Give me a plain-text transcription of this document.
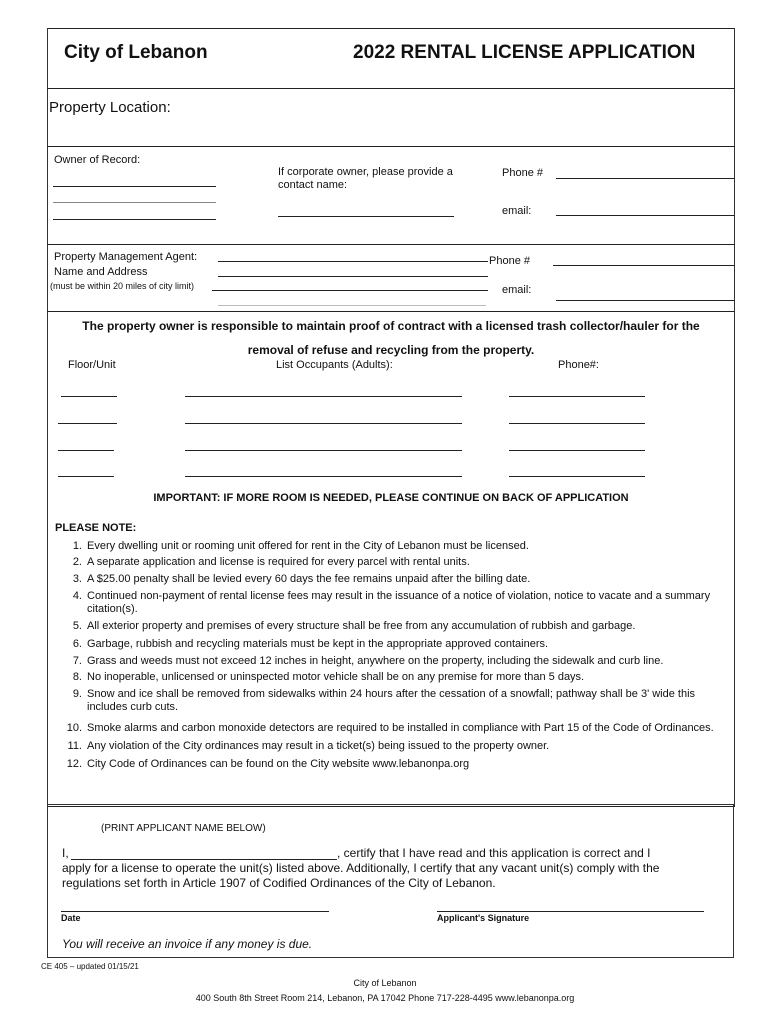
City of Lebanon	2022 RENTAL LICENSE APPLICATION
Property Location:
Owner of Record:
If corporate owner, please provide a contact name:
Phone #
email:
Property Management Agent:
Name and Address
(must be within 20 miles of city limit)
Phone #
email:
The property owner is responsible to maintain proof of contract with a licensed trash collector/hauler for the
removal of refuse and recycling from the property.
Floor/Unit	List Occupants (Adults):	Phone#:
IMPORTANT: IF MORE ROOM IS NEEDED, PLEASE CONTINUE ON BACK OF APPLICATION
PLEASE NOTE:
1. Every dwelling unit or rooming unit offered for rent in the City of Lebanon must be licensed.
2. A separate application and license is required for every parcel with rental units.
3. A $25.00 penalty shall be levied every 60 days the fee remains unpaid after the billing date.
4. Continued non-payment of rental license fees may result in the issuance of a notice of violation, notice to vacate and a summary citation(s).
5. All exterior property and premises of every structure shall be free from any accumulation of rubbish and garbage.
6. Garbage, rubbish and recycling materials must be kept in the appropriate approved containers.
7. Grass and weeds must not exceed 12 inches in height, anywhere on the property, including the sidewalk and curb line.
8. No inoperable, unlicensed or uninspected motor vehicle shall be on any premise for more than 5 days.
9. Snow and ice shall be removed from sidewalks within 24 hours after the cessation of a snowfall; pathway shall be 3' wide this includes curb cuts.
10. Smoke alarms and carbon monoxide detectors are required to be installed in compliance with Part 15 of the Code of Ordinances.
11. Any violation of the City ordinances may result in a ticket(s) being issued to the property owner.
12. City Code of Ordinances can be found on the City website www.lebanonpa.org
(PRINT APPLICANT NAME BELOW)
I,	, certify that I have read and this application is correct and I
apply for a license to operate the unit(s) listed above. Additionally, I certify that any vacant unit(s) comply with the
regulations set forth in Article 1907 of Codified Ordinances of the City of Lebanon.
Date	Applicant's Signature
You will receive an invoice if any money is due.
CE 405 – updated 01/15/21
City of Lebanon
400 South 8th Street Room 214, Lebanon, PA 17042 Phone 717-228-4495 www.lebanonpa.org
